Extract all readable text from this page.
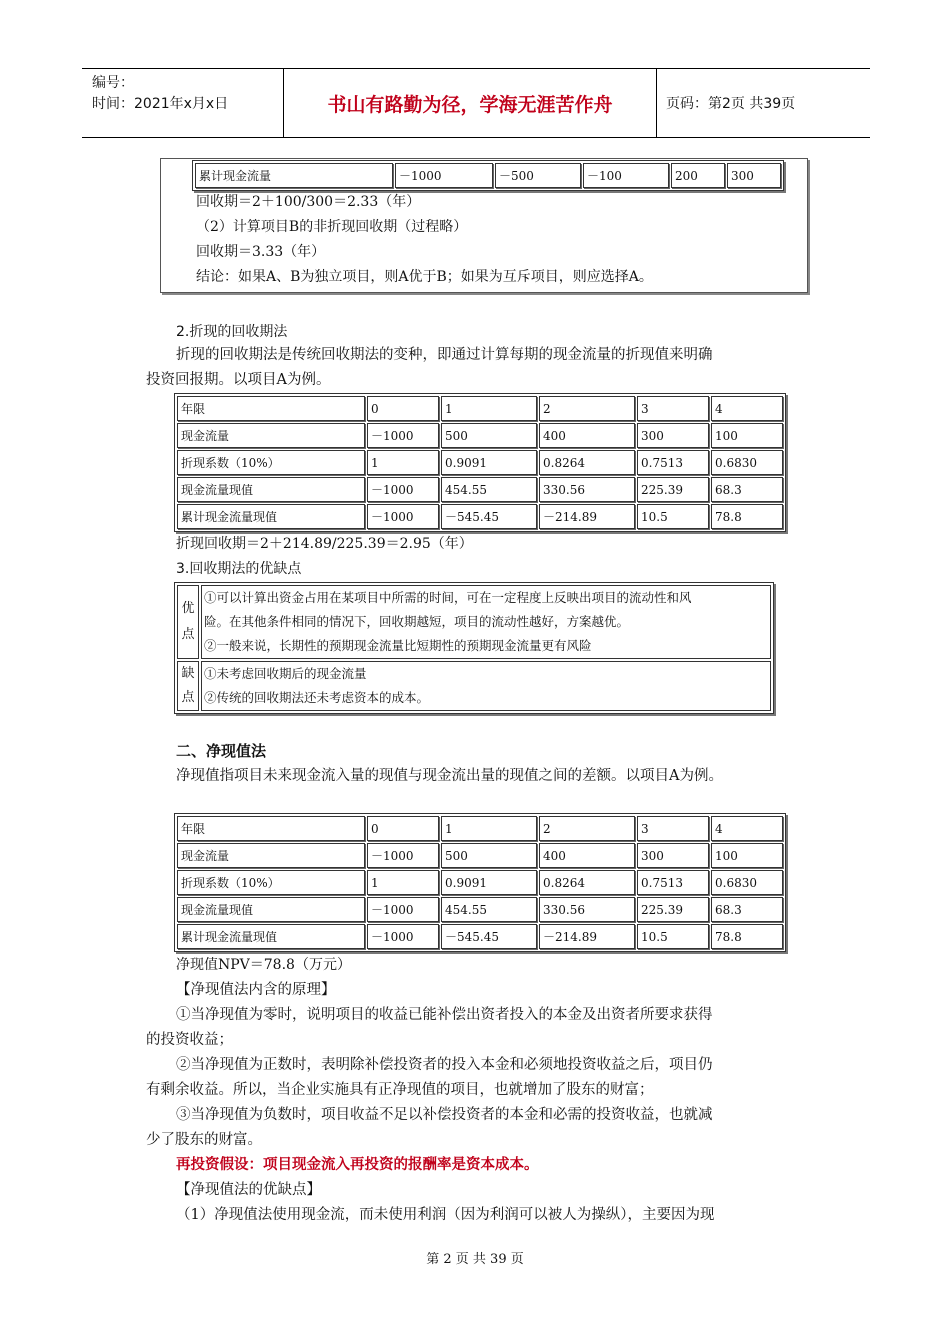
编号：
时间：2021年x月x日	书山有路勤为径，学海无涯苦作舟	页码：第2页 共39页
累计现金流量	－1000	－500	－100	200	300
回收期＝2＋100/300＝2.33（年）
（2）计算项目B的非折现回收期（过程略）
回收期＝3.33（年）
结论：如果A、B为独立项目，则A优于B；如果为互斥项目，则应选择A。
2.折现的回收期法
折现的回收期法是传统回收期法的变种，即通过计算每期的现金流量的折现值来明确
投资回报期。以项目A为例。
年限	0	1	2	3	4
现金流量	－1000	500	400	300	100
折现系数（10%）	1	0.9091	0.8264	0.7513	0.6830
现金流量现值	－1000	454.55	330.56	225.39	68.3
累计现金流量现值	－1000	－545.45	－214.89	10.5	78.8
折现回收期＝2＋214.89/225.39＝2.95（年）
3.回收期法的优缺点
优
点
①可以计算出资金占用在某项目中所需的时间，可在一定程度上反映出项目的流动性和风
险。在其他条件相同的情况下，回收期越短，项目的流动性越好，方案越优。
②一般来说，长期性的预期现金流量比短期性的预期现金流量更有风险
缺
点
①未考虑回收期后的现金流量
②传统的回收期法还未考虑资本的成本。
二、净现值法
净现值指项目未来现金流入量的现值与现金流出量的现值之间的差额。以项目A为例。
年限	0	1	2	3	4
现金流量	－1000	500	400	300	100
折现系数（10%）	1	0.9091	0.8264	0.7513	0.6830
现金流量现值	－1000	454.55	330.56	225.39	68.3
累计现金流量现值	－1000	－545.45	－214.89	10.5	78.8
净现值NPV＝78.8（万元）
【净现值法内含的原理】
①当净现值为零时，说明项目的收益已能补偿出资者投入的本金及出资者所要求获得
的投资收益；
②当净现值为正数时，表明除补偿投资者的投入本金和必须地投资收益之后，项目仍
有剩余收益。所以，当企业实施具有正净现值的项目，也就增加了股东的财富；
③当净现值为负数时，项目收益不足以补偿投资者的本金和必需的投资收益，也就减
少了股东的财富。
再投资假设：项目现金流入再投资的报酬率是资本成本。
【净现值法的优缺点】
（1）净现值法使用现金流，而未使用利润（因为利润可以被人为操纵），主要因为现
第 2 页 共 39 页
